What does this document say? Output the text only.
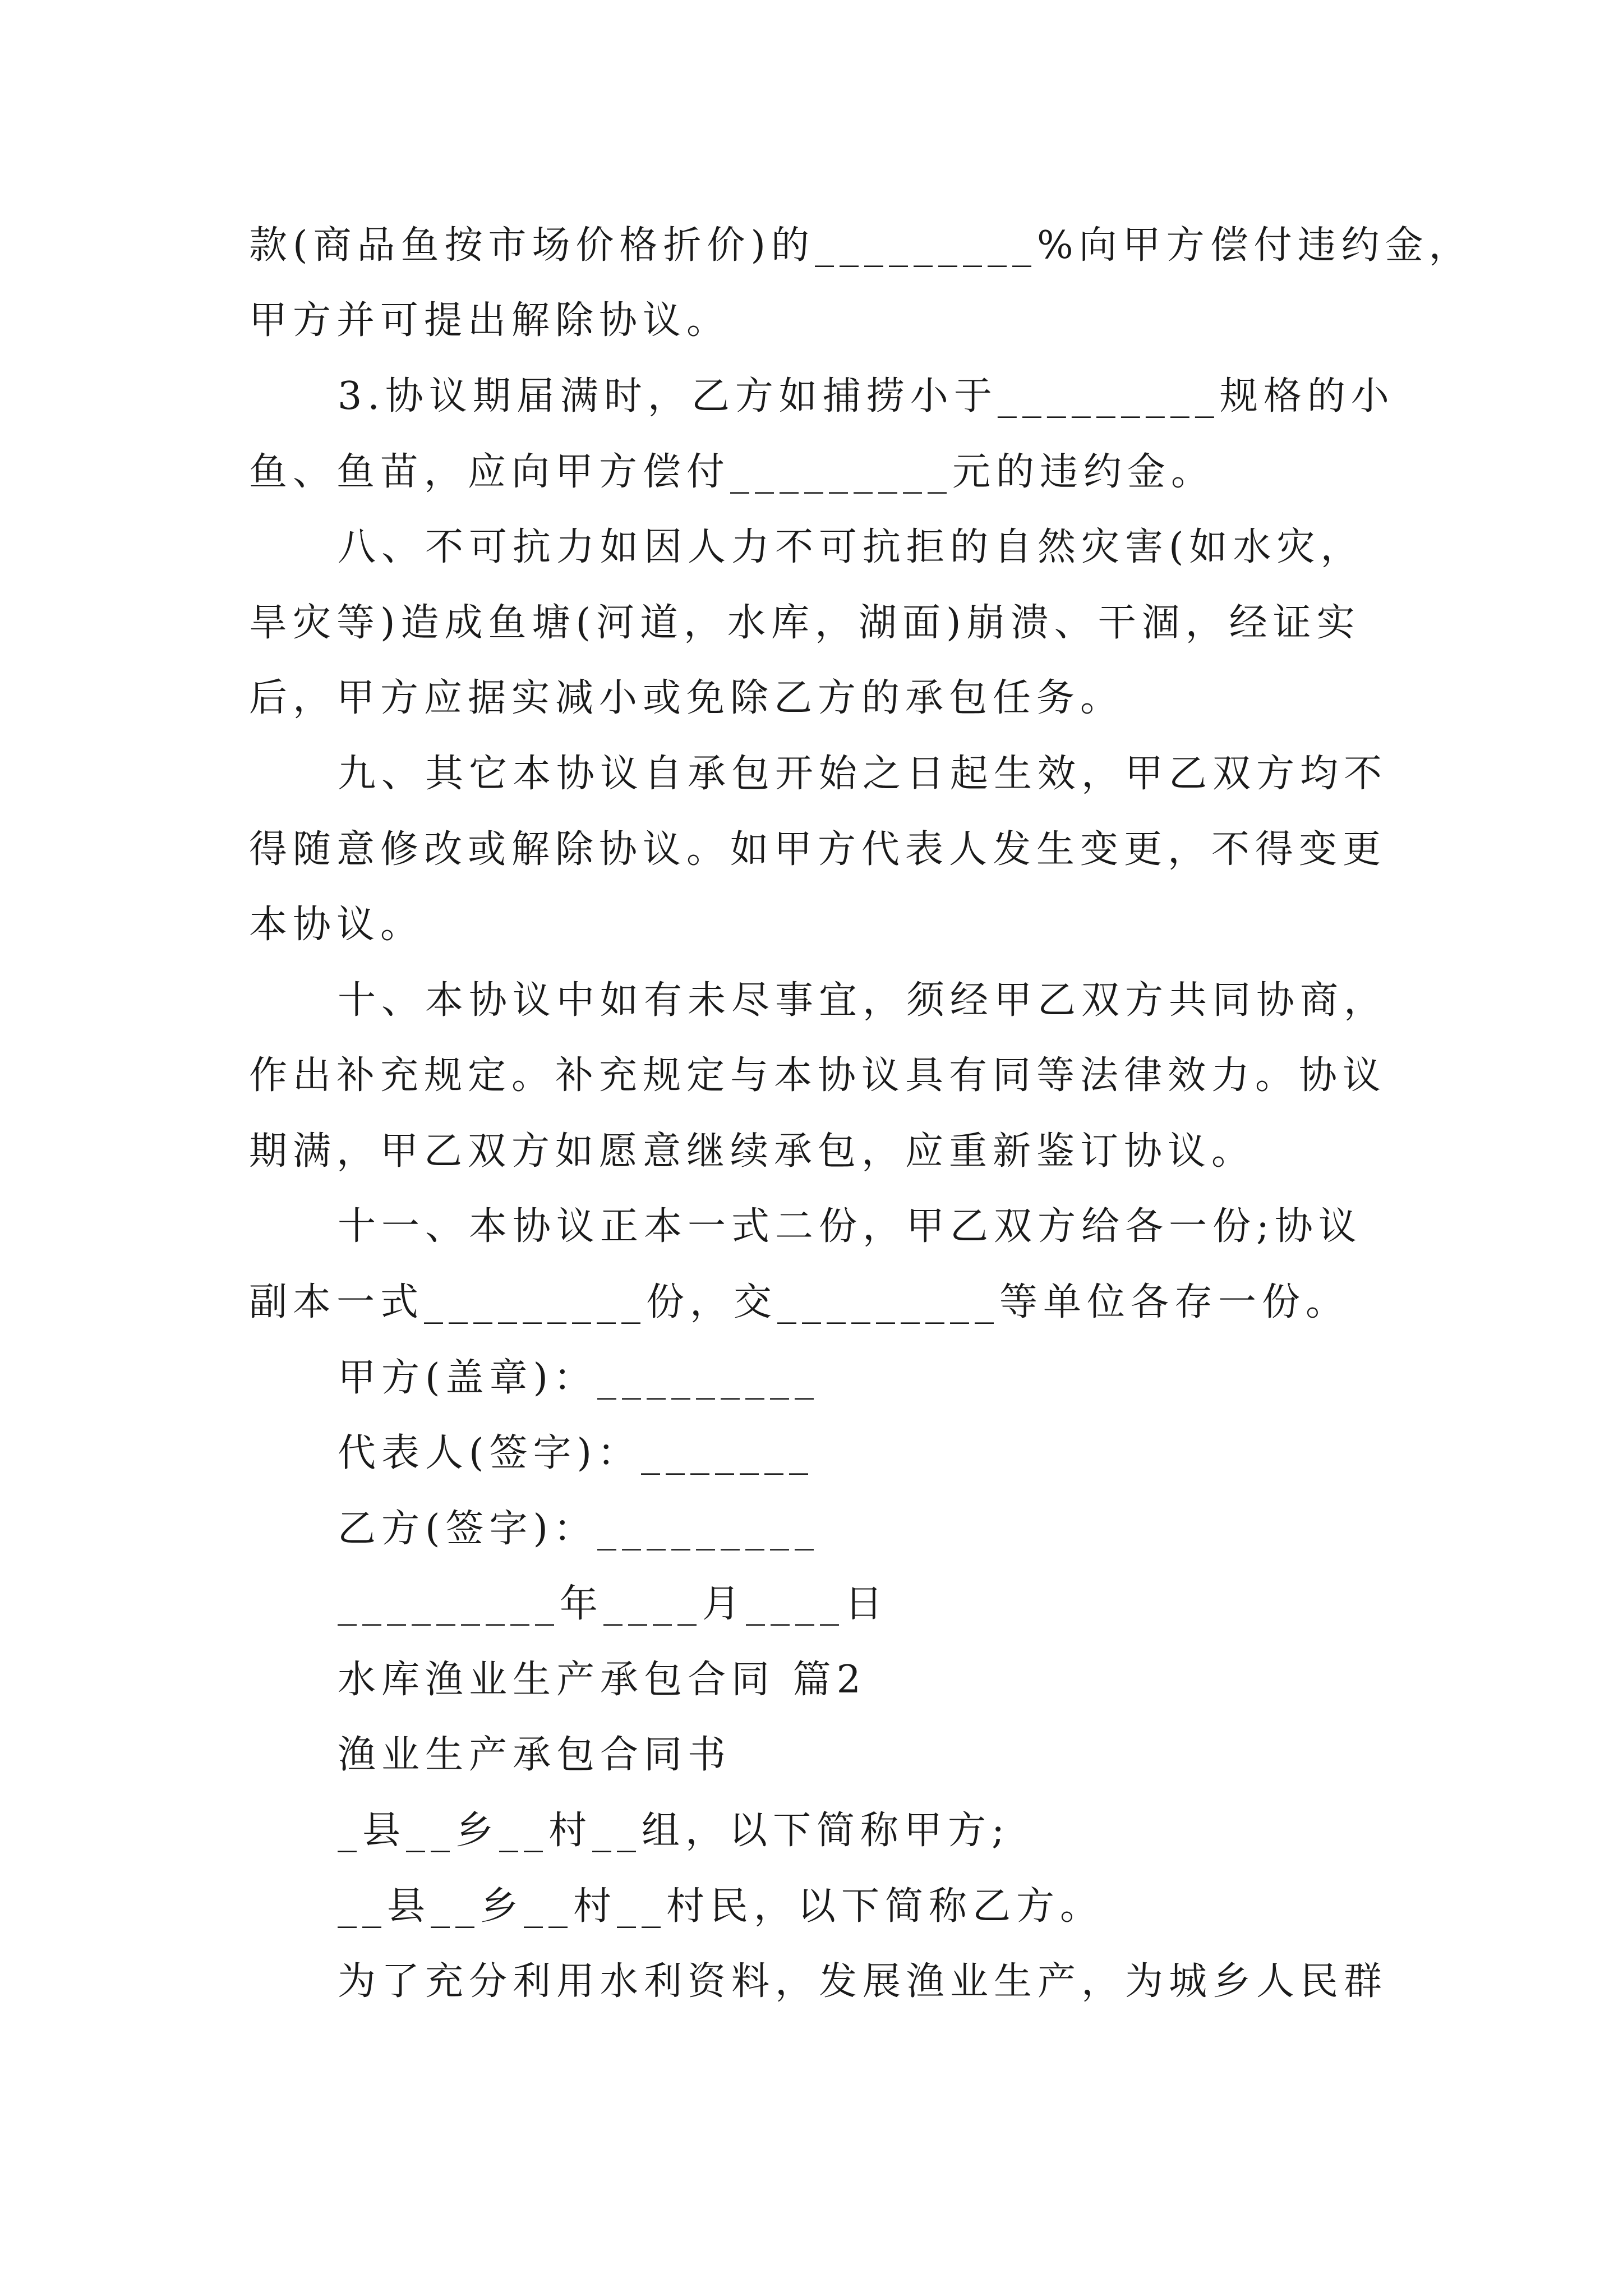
款(商品鱼按市场价格折价)的_________%向甲方偿付违约金，
甲方并可提出解除协议。
3.协议期届满时，乙方如捕捞小于_________规格的小
鱼、鱼苗，应向甲方偿付_________元的违约金。
八、不可抗力如因人力不可抗拒的自然灾害(如水灾，
旱灾等)造成鱼塘(河道，水库，湖面)崩溃、干涸，经证实
后，甲方应据实减小或免除乙方的承包任务。
九、其它本协议自承包开始之日起生效，甲乙双方均不
得随意修改或解除协议。如甲方代表人发生变更，不得变更
本协议。
十、本协议中如有未尽事宜，须经甲乙双方共同协商，
作出补充规定。补充规定与本协议具有同等法律效力。协议
期满，甲乙双方如愿意继续承包，应重新鉴订协议。
十一、本协议正本一式二份，甲乙双方给各一份;协议
副本一式_________份，交_________等单位各存一份。
甲方(盖章)：_________
代表人(签字)：_______
乙方(签字)：_________
_________年____月____日
水库渔业生产承包合同 篇2
渔业生产承包合同书
_县__乡__村__组，以下简称甲方;
__县__乡__村__村民，以下简称乙方。
为了充分利用水利资料，发展渔业生产，为城乡人民群
